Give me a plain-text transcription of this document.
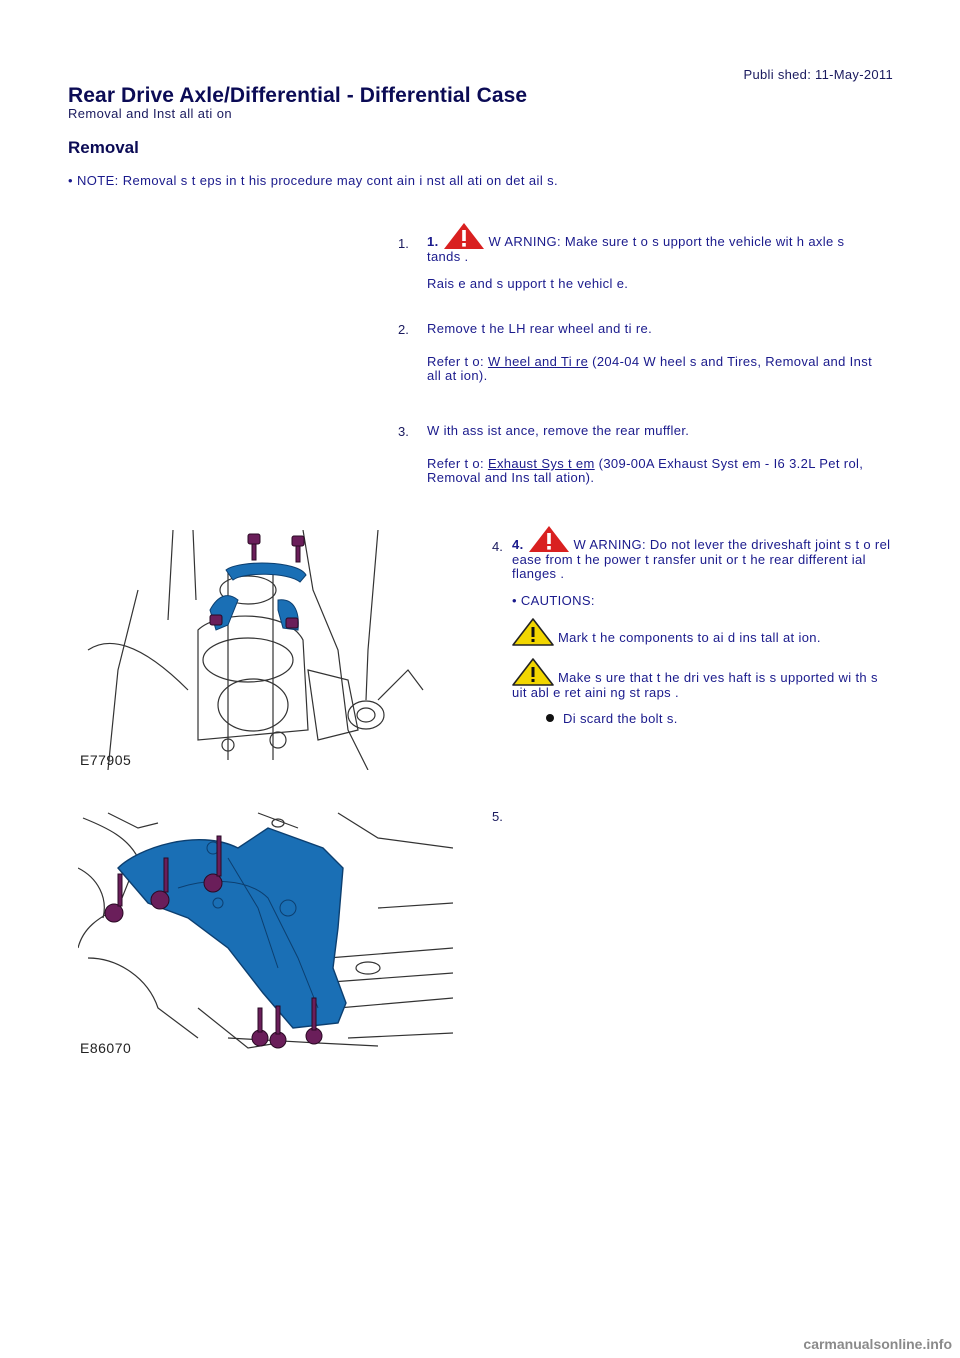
Publi shed: 11-May-2011
Rear Drive Axle/Differential - Differential Case
Removal and Inst all ati on
Removal
• NOTE: Removal s t eps in t his procedure may cont ain i nst all ati on det ail s.
1. 1.	W ARNING: Make sure t o s upport the vehicle wit h axle s tands .

Rais e and s upport t he vehicl e.

2. Remove t he LH rear wheel and ti re.

Refer t o: W heel and Ti re (204-04 W heel s and Tires, Removal and Inst all at ion).

3. W ith ass ist ance, remove the rear muffler.

Refer t o: Exhaust Sys t em (309-00A Exhaust Syst em - I6 3.2L Pet rol, Removal and Ins tall ation).

E77905
4. 4.	W ARNING: Do not lever the driveshaft joint s t o rel ease from t he power t ransfer unit or t he rear different ial flanges .

• CAUTIONS:

Mark t he components to ai d ins tall at ion.

Make s ure that t he dri ves haft is s upported wi th s uit abl e ret aini ng st raps .

Di scard the bolt s.

E86070
5.
carmanualsonline.info
